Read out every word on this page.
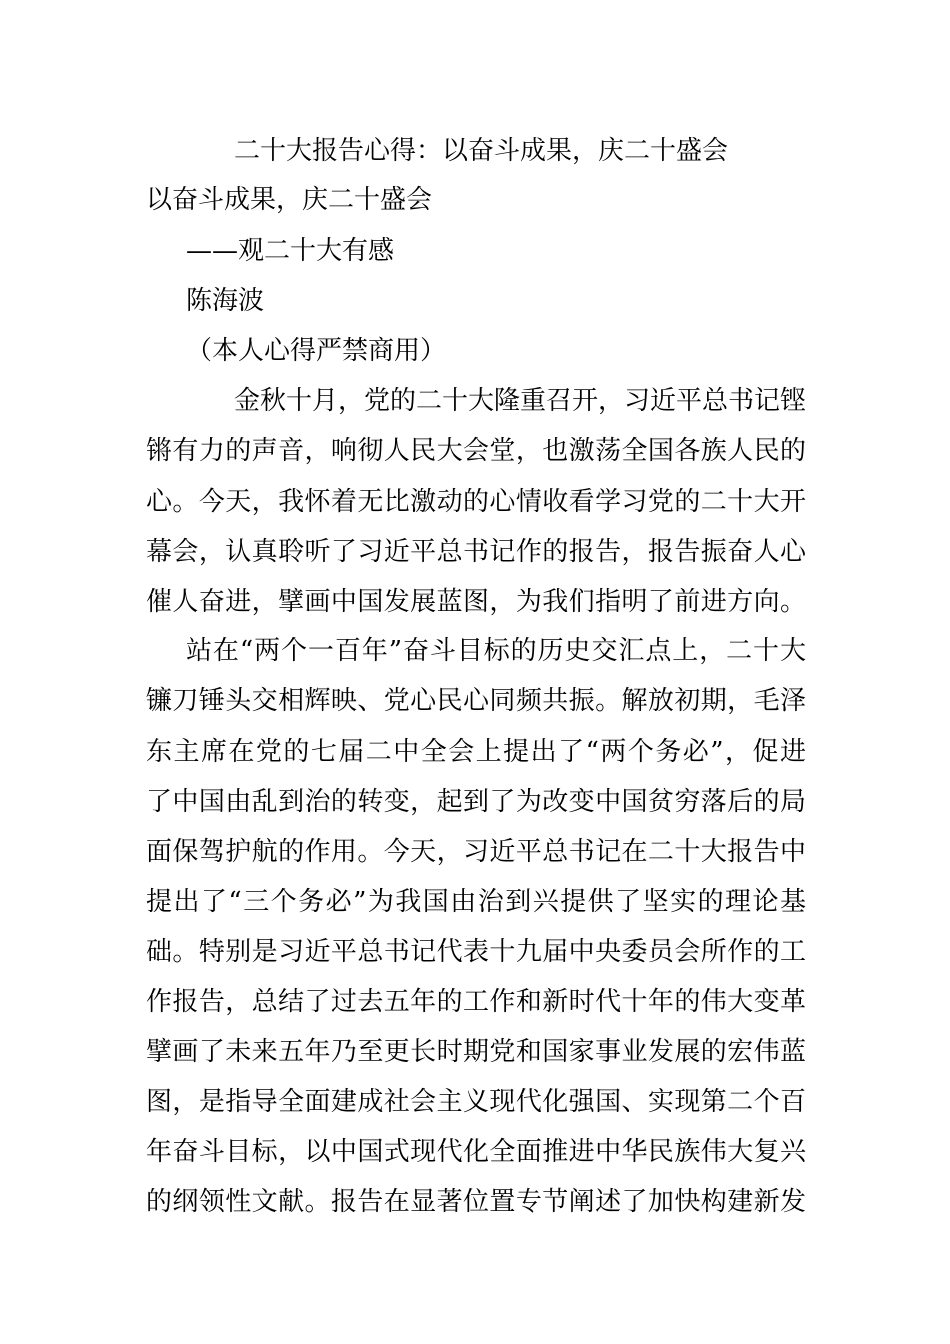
二十大报告心得：以奋斗成果，庆二十盛会
以奋斗成果，庆二十盛会
——观二十大有感
陈海波
（本人心得严禁商用）
金秋十月，党的二十大隆重召开，习近平总书记铿
锵有力的声音，响彻人民大会堂，也激荡全国各族人民的
心。今天，我怀着无比激动的心情收看学习党的二十大开
幕会，认真聆听了习近平总书记作的报告，报告振奋人心
催人奋进，擘画中国发展蓝图，为我们指明了前进方向。
站在“两个一百年”奋斗目标的历史交汇点上，二十大
镰刀锤头交相辉映、党心民心同频共振。解放初期，毛泽
东主席在党的七届二中全会上提出了“两个务必”，促进
了中国由乱到治的转变，起到了为改变中国贫穷落后的局
面保驾护航的作用。今天，习近平总书记在二十大报告中
提出了“三个务必”为我国由治到兴提供了坚实的理论基
础。特别是习近平总书记代表十九届中央委员会所作的工
作报告，总结了过去五年的工作和新时代十年的伟大变革
擘画了未来五年乃至更长时期党和国家事业发展的宏伟蓝
图，是指导全面建成社会主义现代化强国、实现第二个百
年奋斗目标，以中国式现代化全面推进中华民族伟大复兴
的纲领性文献。报告在显著位置专节阐述了加快构建新发
